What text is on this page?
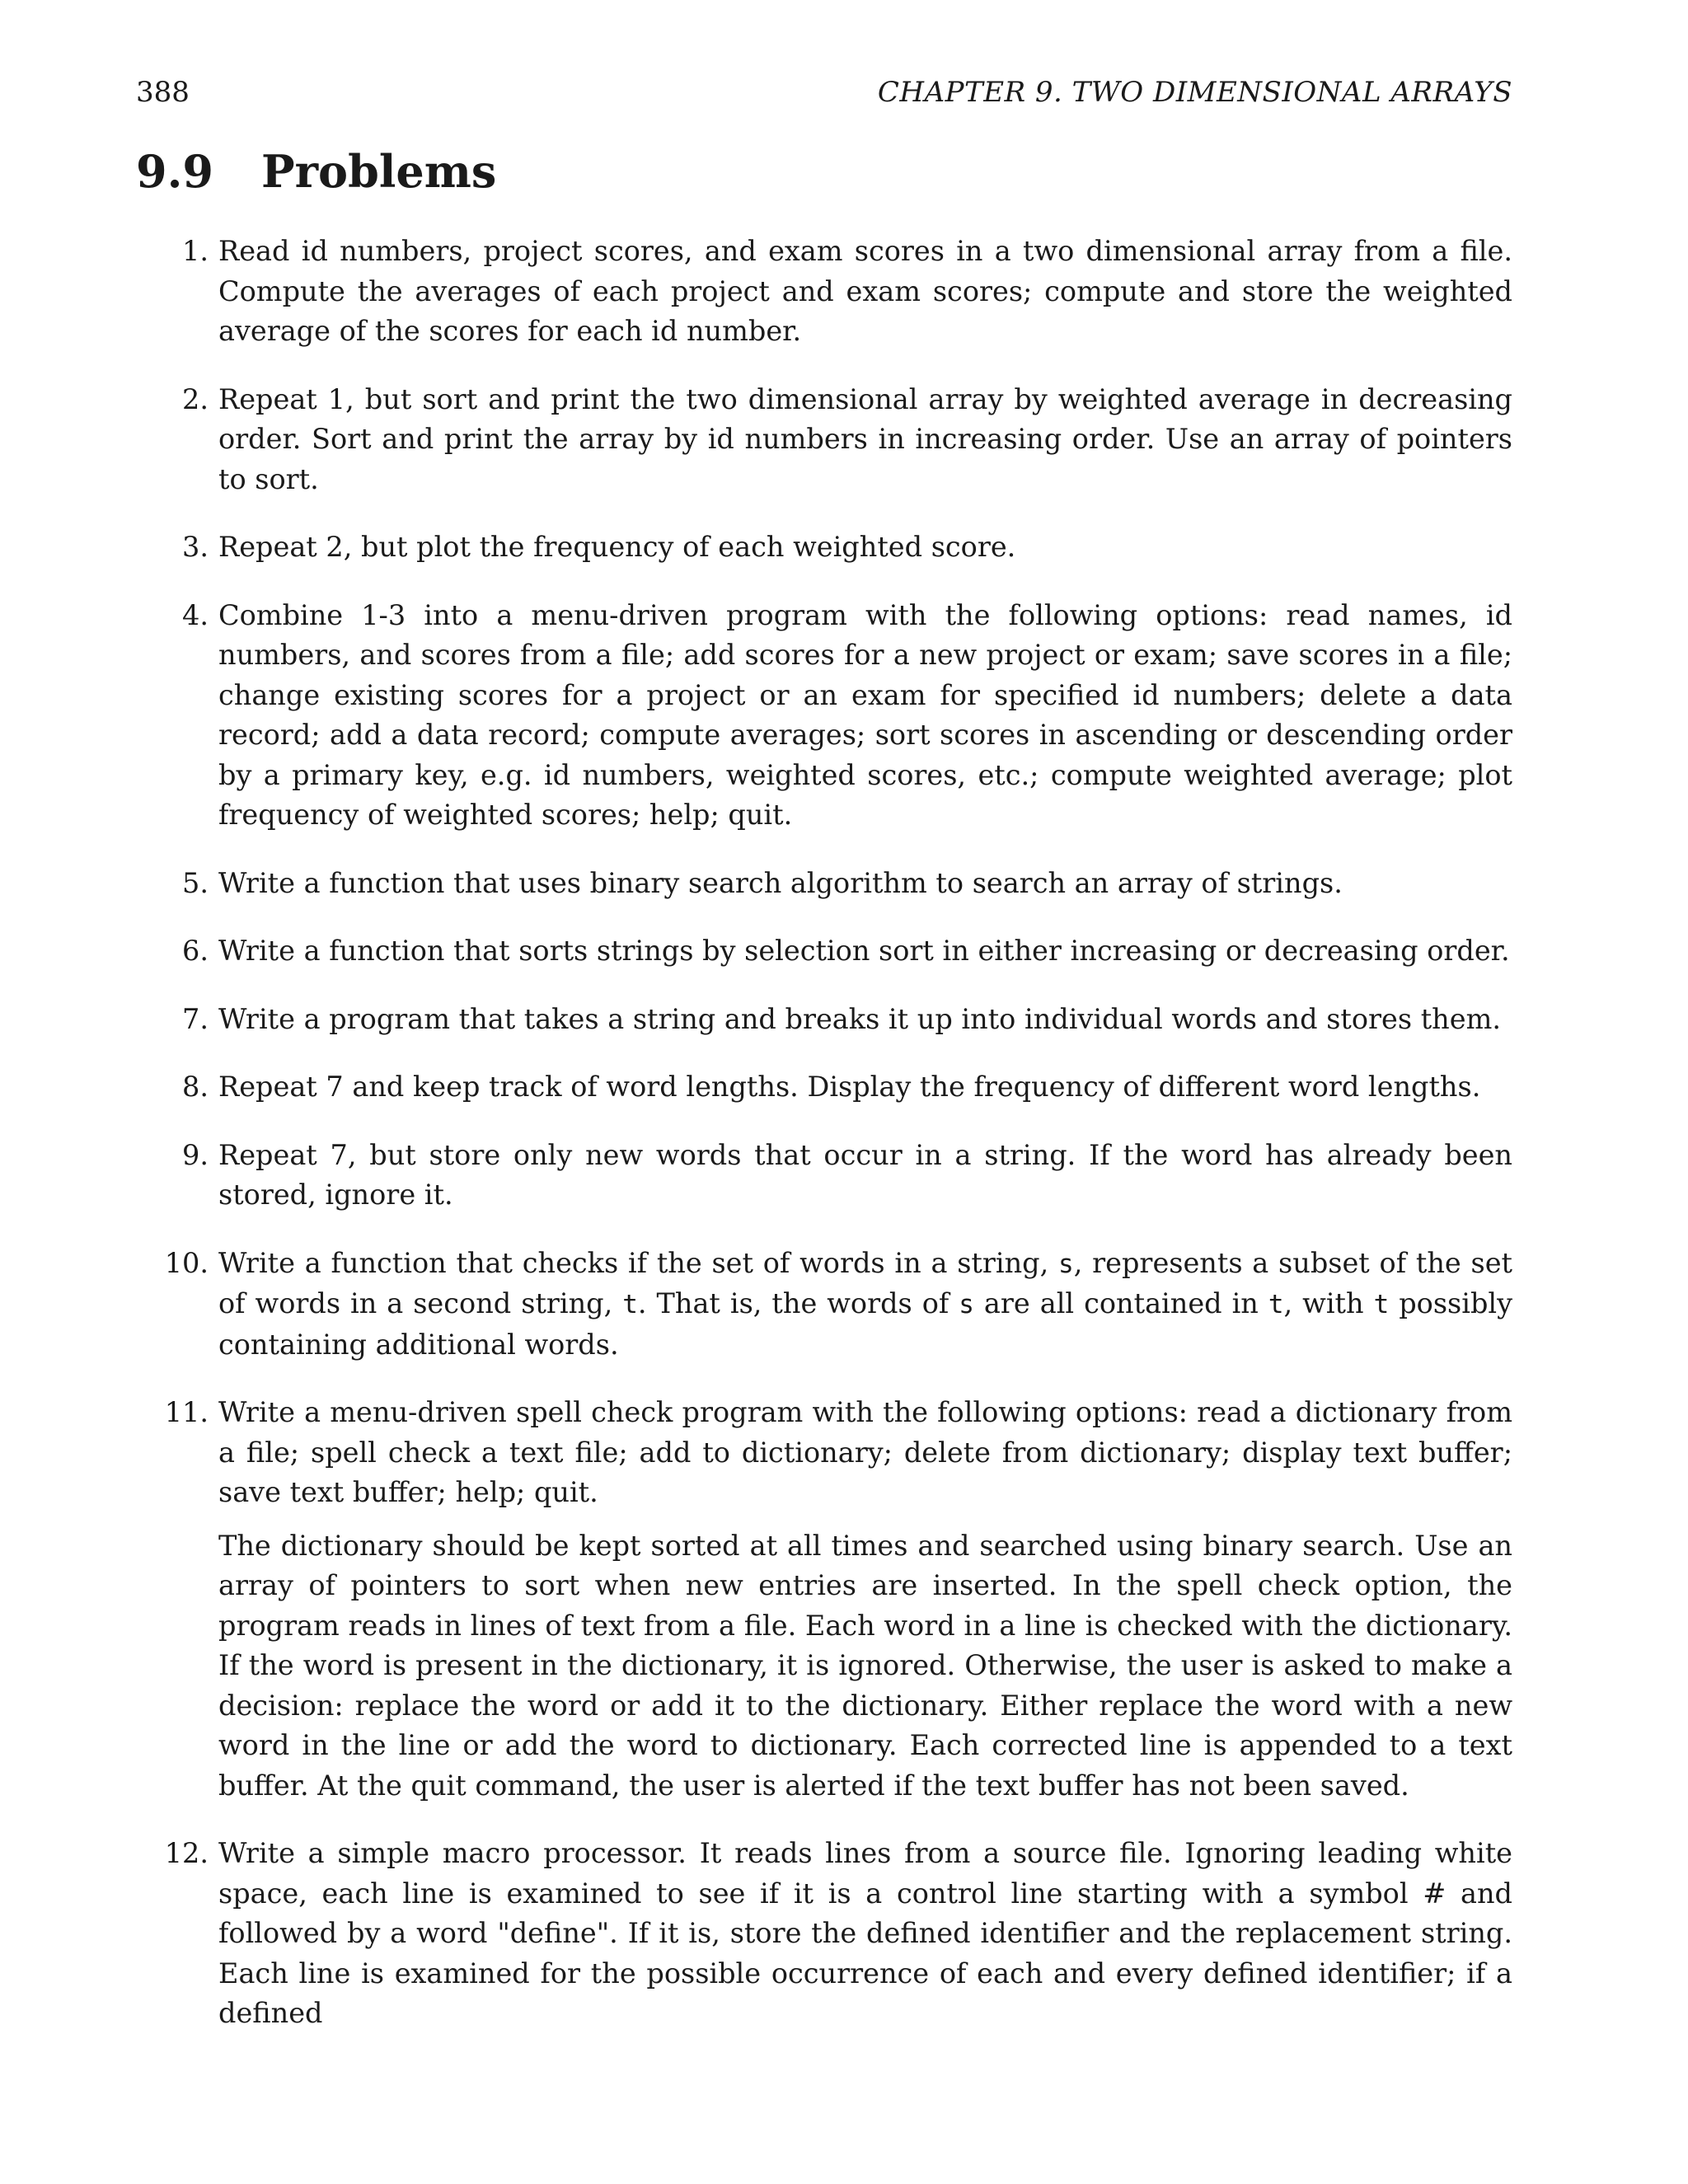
388	CHAPTER 9. TWO DIMENSIONAL ARRAYS
9.9	Problems
1. Read id numbers, project scores, and exam scores in a two dimensional array from a file. Compute the averages of each project and exam scores; compute and store the weighted average of the scores for each id number.

2. Repeat 1, but sort and print the two dimensional array by weighted average in decreasing order. Sort and print the array by id numbers in increasing order. Use an array of pointers to sort.

3. Repeat 2, but plot the frequency of each weighted score.

4. Combine 1-3 into a menu-driven program with the following options: read names, id numbers, and scores from a file; add scores for a new project or exam; save scores in a file; change existing scores for a project or an exam for specified id numbers; delete a data record; add a data record; compute averages; sort scores in ascending or descending order by a primary key, e.g. id numbers, weighted scores, etc.; compute weighted average; plot frequency of weighted scores; help; quit.

5. Write a function that uses binary search algorithm to search an array of strings.

6. Write a function that sorts strings by selection sort in either increasing or decreasing order.

7. Write a program that takes a string and breaks it up into individual words and stores them.

8. Repeat 7 and keep track of word lengths. Display the frequency of different word lengths.

9. Repeat 7, but store only new words that occur in a string. If the word has already been stored, ignore it.

10. Write a function that checks if the set of words in a string, s, represents a subset of the set of words in a second string, t. That is, the words of s are all contained in t, with t possibly containing additional words.

11. Write a menu-driven spell check program with the following options: read a dictionary from a file; spell check a text file; add to dictionary; delete from dictionary; display text buffer; save text buffer; help; quit.

The dictionary should be kept sorted at all times and searched using binary search. Use an array of pointers to sort when new entries are inserted. In the spell check option, the program reads in lines of text from a file. Each word in a line is checked with the dictionary. If the word is present in the dictionary, it is ignored. Otherwise, the user is asked to make a decision: replace the word or add it to the dictionary. Either replace the word with a new word in the line or add the word to dictionary. Each corrected line is appended to a text buffer. At the quit command, the user is alerted if the text buffer has not been saved.

12. Write a simple macro processor. It reads lines from a source file. Ignoring leading white space, each line is examined to see if it is a control line starting with a symbol # and followed by a word "define". If it is, store the defined identifier and the replacement string. Each line is examined for the possible occurrence of each and every defined identifier; if a defined
